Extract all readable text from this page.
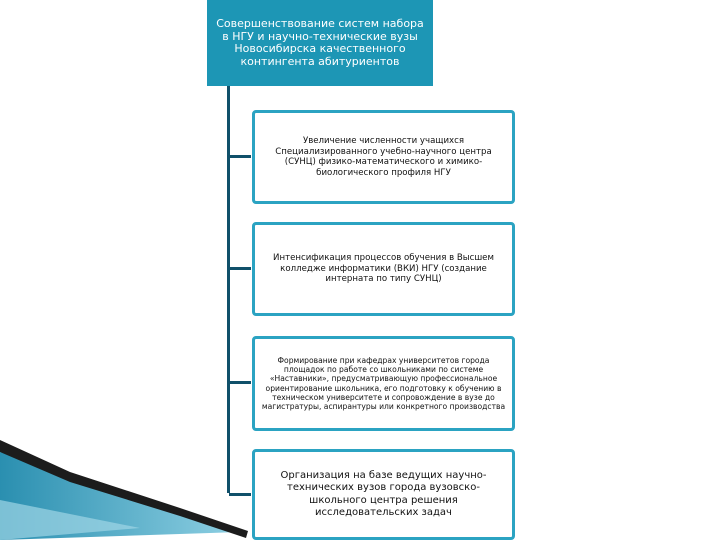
Совершенствование систем набора в НГУ и научно-технические вузы Новосибирска качественного контингента абитуриентов
Увеличение численности учащихся Специализированного учебно-научного центра (СУНЦ) физико-математического и химико-биологического профиля НГУ
Интенсификация процессов обучения в Высшем колледже информатики (ВКИ) НГУ (создание интерната по типу СУНЦ)
Формирование при кафедрах университетов города площадок по работе со школьниками по системе «Наставники», предусматривающую профессиональное ориентирование школьника, его подготовку к обучению в техническом университете и сопровождение в вузе до магистратуры, аспирантуры или конкретного производства
Организация на базе ведущих научно-технических вузов города вузовско-школьного центра решения исследовательских задач
